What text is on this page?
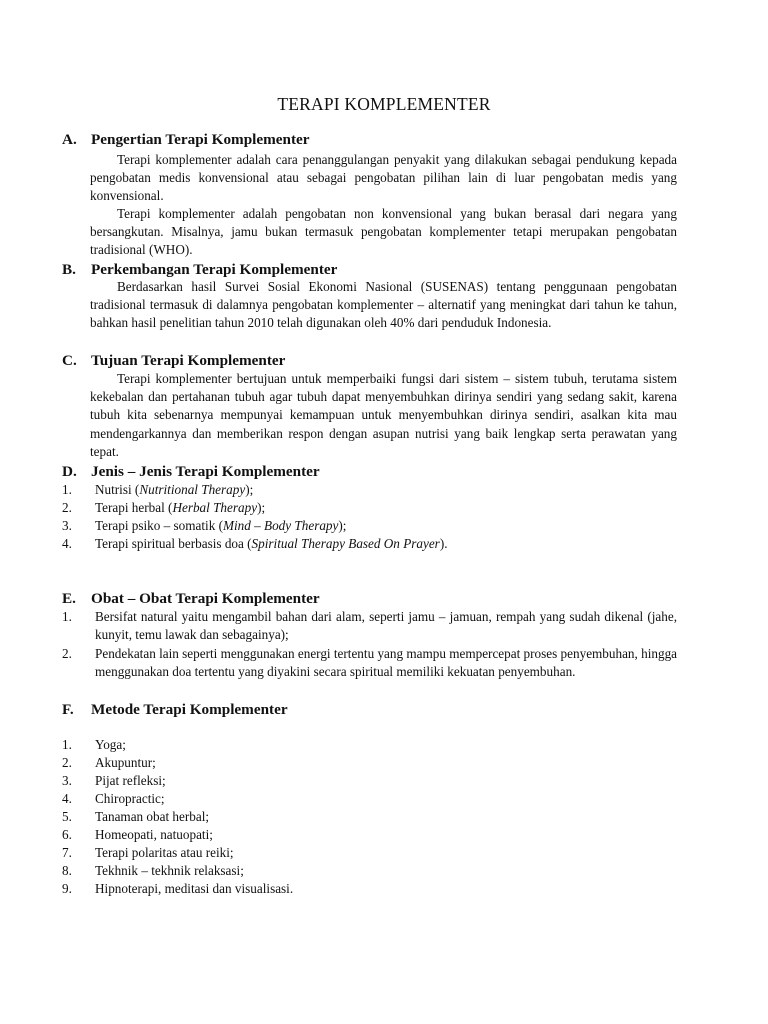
TERAPI KOMPLEMENTER
A. Pengertian Terapi Komplementer
Terapi komplementer adalah cara penanggulangan penyakit yang dilakukan sebagai pendukung kepada pengobatan medis konvensional atau sebagai pengobatan pilihan lain di luar pengobatan medis yang konvensional.
Terapi komplementer adalah pengobatan non konvensional yang bukan berasal dari negara yang bersangkutan. Misalnya, jamu bukan termasuk pengobatan komplementer tetapi merupakan pengobatan tradisional (WHO).
B. Perkembangan Terapi Komplementer
Berdasarkan hasil Survei Sosial Ekonomi Nasional (SUSENAS) tentang penggunaan pengobatan tradisional termasuk di dalamnya pengobatan komplementer – alternatif yang meningkat dari tahun ke tahun, bahkan hasil penelitian tahun 2010 telah digunakan oleh 40% dari penduduk Indonesia.
C. Tujuan Terapi Komplementer
Terapi komplementer bertujuan untuk memperbaiki fungsi dari sistem – sistem tubuh, terutama sistem kekebalan dan pertahanan tubuh agar tubuh dapat menyembuhkan dirinya sendiri yang sedang sakit, karena tubuh kita sebenarnya mempunyai kemampuan untuk menyembuhkan dirinya sendiri, asalkan kita mau mendengarkannya dan memberikan respon dengan asupan nutrisi yang baik lengkap serta perawatan yang tepat.
D. Jenis – Jenis Terapi Komplementer
1. Nutrisi (Nutritional Therapy);
2. Terapi herbal (Herbal Therapy);
3. Terapi psiko – somatik (Mind – Body Therapy);
4. Terapi spiritual berbasis doa (Spiritual Therapy Based On Prayer).
E. Obat – Obat Terapi Komplementer
1. Bersifat natural yaitu mengambil bahan dari alam, seperti jamu – jamuan, rempah yang sudah dikenal (jahe, kunyit, temu lawak dan sebagainya);
2. Pendekatan lain seperti menggunakan energi tertentu yang mampu mempercepat proses penyembuhan, hingga menggunakan doa tertentu yang diyakini secara spiritual memiliki kekuatan penyembuhan.
F. Metode Terapi Komplementer
1. Yoga;
2. Akupuntur;
3. Pijat refleksi;
4. Chiropractic;
5. Tanaman obat herbal;
6. Homeopati, natuopati;
7. Terapi polaritas atau reiki;
8. Tekhnik – tekhnik relaksasi;
9. Hipnoterapi, meditasi dan visualisasi.
